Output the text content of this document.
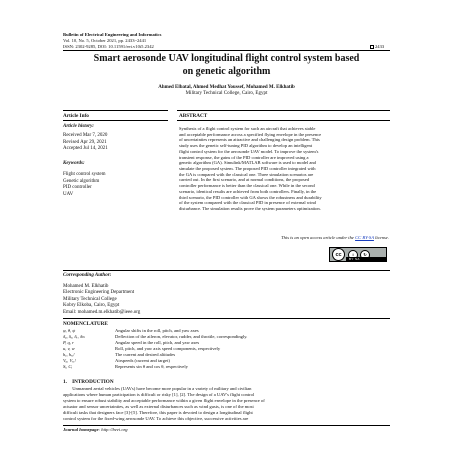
Bulletin of Electrical Engineering and Informatics
Vol. 10, No. 5, October 2021, pp. 2433~2441
ISSN: 2302-9285, DOI: 10.11591/eei.v10i5.2342	2433
Smart aerosonde UAV longitudinal flight control system based
on genetic algorithm
Ahmed Elbatal, Ahmed Medhat Youssef, Mohamed M. Elkhatib
Military Technical College, Cairo, Egypt
Article Info	ABSTRACT
Article history:
Received Mar 7, 2020
Revised Apr 29, 2021
Accepted Jul 14, 2021
Keywords:
Flight control system
Genetic algorithm
PID controller
UAV
Synthesis of a flight control system for such an aircraft that achieves stable
and acceptable performance across a specified flying envelope in the presence
of uncertainties represents an attractive and challenging design problem. This
study uses the genetic self-tuning PID algorithm to develop an intelligent
flight control system for the aerosonde UAV model. To improve the system's
transient response, the gains of the PID controller are improved using a
genetic algorithm (GA). Simulink/MATLAB software is used to model and
simulate the proposed system. The proposed PID controller integrated with
the GA is compared with the classical one. Three simulation scenarios are
carried out. In the first scenario, and at normal conditions, the proposed
controller performance is better than the classical one. While in the second
scenario, identical results are achieved from both controllers. Finally, in the
third scenario, the PID controller with GA shows the robustness and durability
of the system compared with the classical PID in presence of external wind
disturbance. The simulation results prove the system parameters optimization.
This is an open access article under the CC BY-SA license.
cc	i	↻
BY SA
Corresponding Author:
Mohamed M. Elkhatib
Electronic Engineering Department
Military Technical College
Kobry Elkoba, Cairo, Egypt
Email: mohamed.m.elkhatib@ieee.org
NOMENCLATURE
φ, θ, ψ	Angular shifts in the roll, pitch, and yaw axes
δₐ, δₑ, δᵣ, δₜₕ	Deflection of the aileron, elevator, rudder, and throttle, correspondingly.
P, q, r	Angular speed in the roll, pitch, and yaw axes
u, v, w	Roll, pitch, and yaw axis speed components, respectively
hₑ, hᵣₑᶠ	The current and desired altitudes
Vₐ, Vᵣₑᶠ	Airspeeds (current and target)
Sᵢ, Cᵢ	Represents sin θ and cos θ, respectively
1.    INTRODUCTION
Unmanned aerial vehicles (UAVs) have become more popular in a variety of military and civilian
applications where human participation is difficult or risky [1], [2]. The design of a UAV's flight control
system to ensure robust stability and acceptable performance within a given flight envelope in the presence of
actuator and sensor uncertainties, as well as external disturbances such as wind gusts, is one of the most
difficult tasks that designers face [3]-[5]. Therefore, this paper is devoted to design a longitudinal flight
control system for the fixed-wing aerosonde UAV. To achieve this objective, successive activities are
Journal homepage: http://beei.org
